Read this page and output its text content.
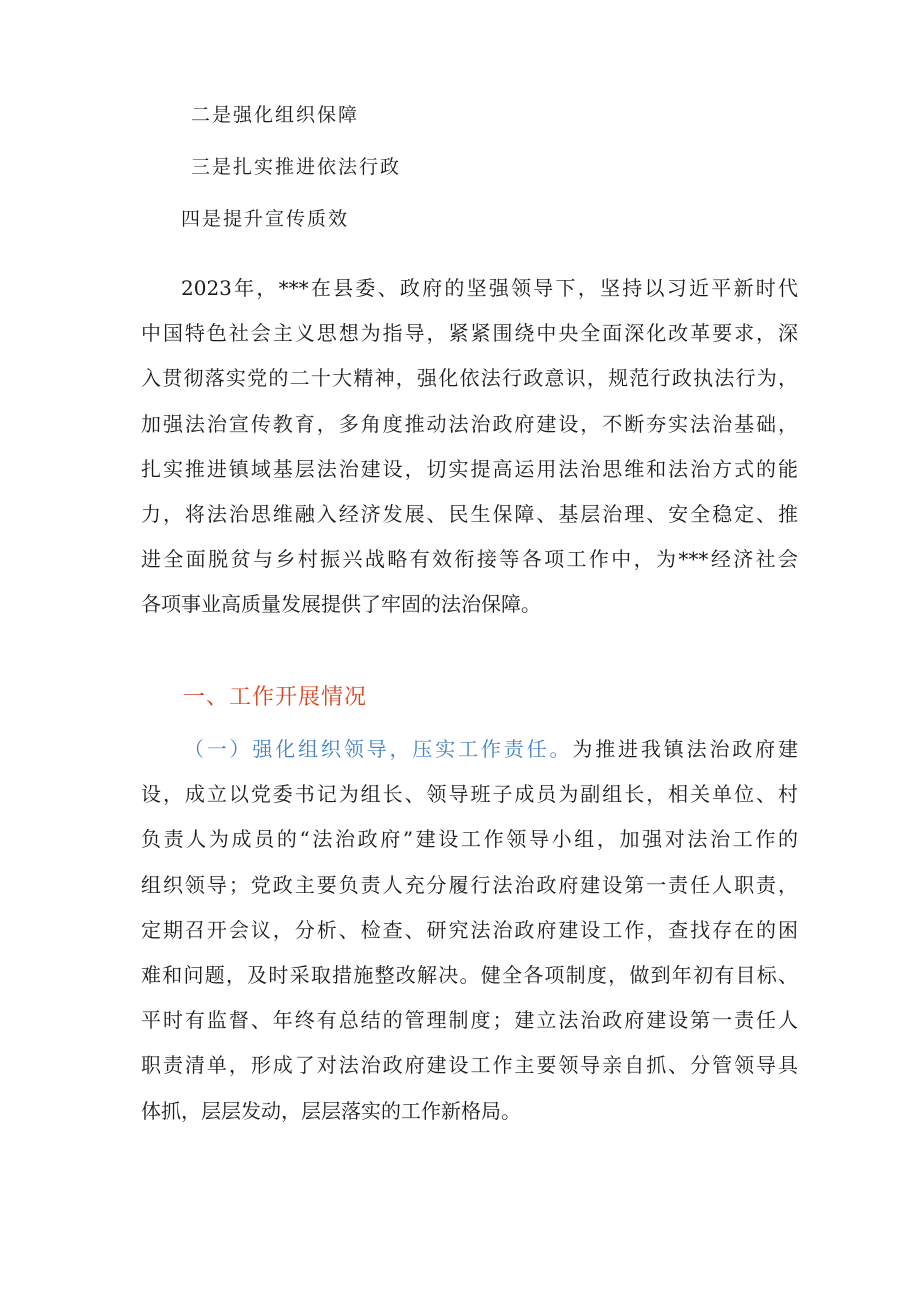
二是强化组织保障
三是扎实推进依法行政
四是提升宣传质效
2023年，***在县委、政府的坚强领导下，坚持以习近平新时代
中国特色社会主义思想为指导，紧紧围绕中央全面深化改革要求，深
入贯彻落实党的二十大精神，强化依法行政意识，规范行政执法行为，
加强法治宣传教育，多角度推动法治政府建设，不断夯实法治基础，
扎实推进镇域基层法治建设，切实提高运用法治思维和法治方式的能
力，将法治思维融入经济发展、民生保障、基层治理、安全稳定、推
进全面脱贫与乡村振兴战略有效衔接等各项工作中，为***经济社会
各项事业高质量发展提供了牢固的法治保障。
一、工作开展情况
（一）强化组织领导，压实工作责任。为推进我镇法治政府建
设，成立以党委书记为组长、领导班子成员为副组长，相关单位、村
负责人为成员的“法治政府”建设工作领导小组，加强对法治工作的
组织领导；党政主要负责人充分履行法治政府建设第一责任人职责，
定期召开会议，分析、检查、研究法治政府建设工作，查找存在的困
难和问题，及时采取措施整改解决。健全各项制度，做到年初有目标、
平时有监督、年终有总结的管理制度；建立法治政府建设第一责任人
职责清单，形成了对法治政府建设工作主要领导亲自抓、分管领导具
体抓，层层发动，层层落实的工作新格局。
